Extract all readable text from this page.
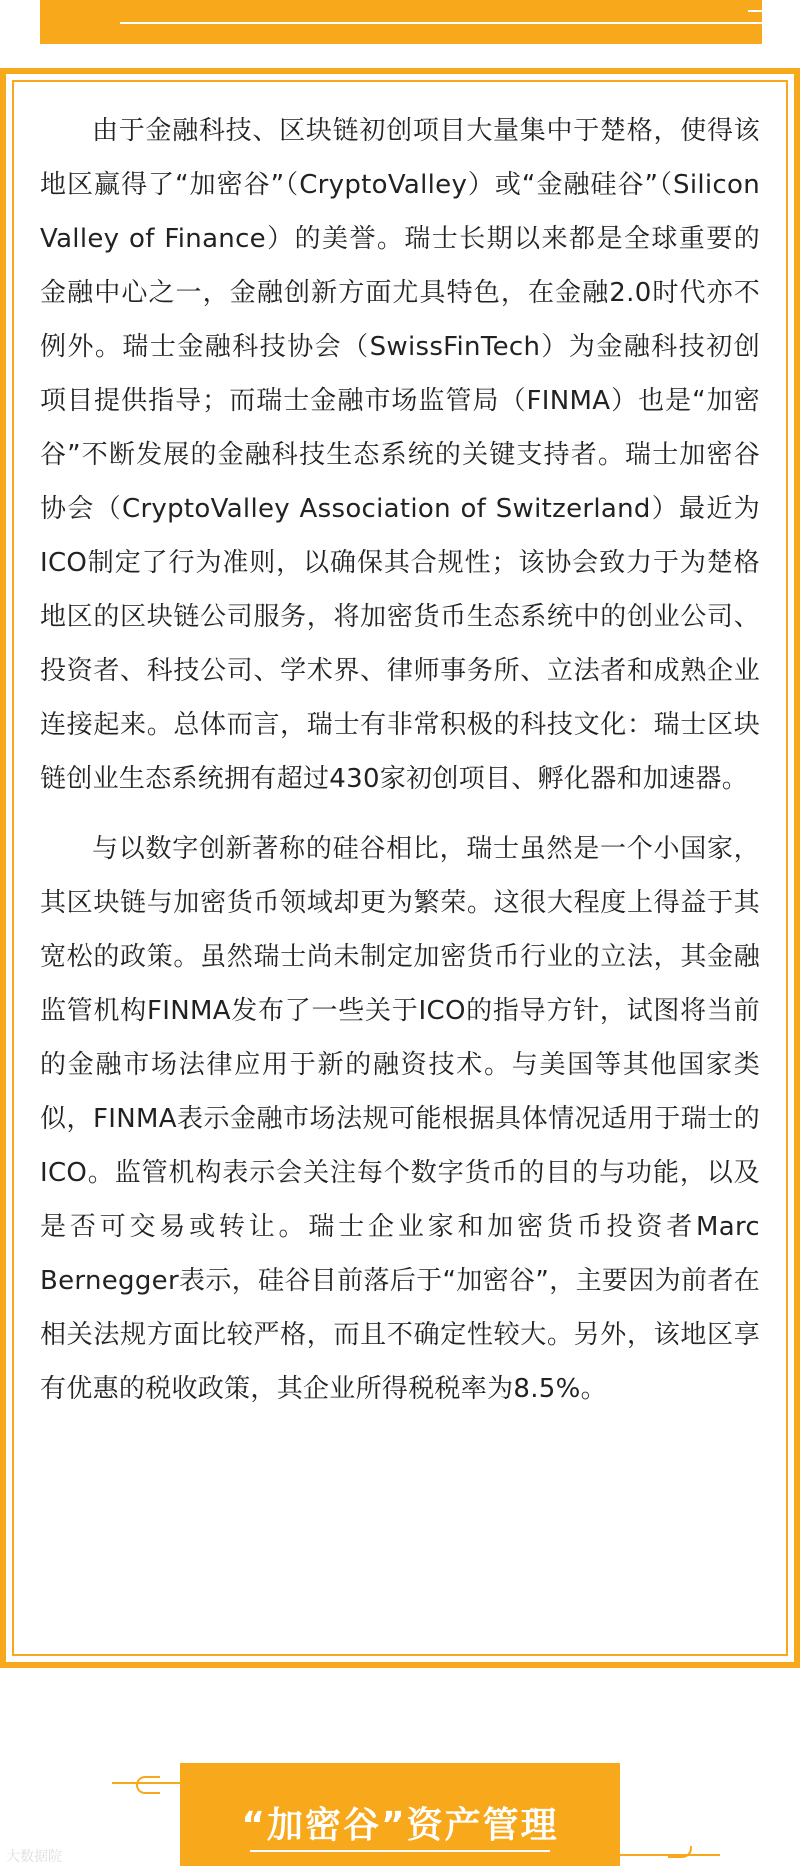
由于金融科技、区块链初创项目大量集中于楚格，使得该地区赢得了“加密谷”（CryptoValley）或“金融硅谷”（Silicon Valley of Finance）的美誉。瑞士长期以来都是全球重要的金融中心之一，金融创新方面尤具特色，在金融2.0时代亦不例外。瑞士金融科技协会（SwissFinTech）为金融科技初创项目提供指导；而瑞士金融市场监管局（FINMA）也是“加密谷”不断发展的金融科技生态系统的关键支持者。瑞士加密谷协会（CryptoValley Association of Switzerland）最近为ICO制定了行为准则，以确保其合规性；该协会致力于为楚格地区的区块链公司服务，将加密货币生态系统中的创业公司、投资者、科技公司、学术界、律师事务所、立法者和成熟企业连接起来。总体而言，瑞士有非常积极的科技文化：瑞士区块链创业生态系统拥有超过430家初创项目、孵化器和加速器。

与以数字创新著称的硅谷相比，瑞士虽然是一个小国家，其区块链与加密货币领域却更为繁荣。这很大程度上得益于其宽松的政策。虽然瑞士尚未制定加密货币行业的立法，其金融监管机构FINMA发布了一些关于ICO的指导方针，试图将当前的金融市场法律应用于新的融资技术。与美国等其他国家类似，FINMA表示金融市场法规可能根据具体情况适用于瑞士的ICO。监管机构表示会关注每个数字货币的目的与功能，以及是否可交易或转让。瑞士企业家和加密货币投资者Marc Bernegger表示，硅谷目前落后于“加密谷”，主要因为前者在相关法规方面比较严格，而且不确定性较大。另外，该地区享有优惠的税收政策，其企业所得税税率为8.5%。

“加密谷”资产管理
大数据院
